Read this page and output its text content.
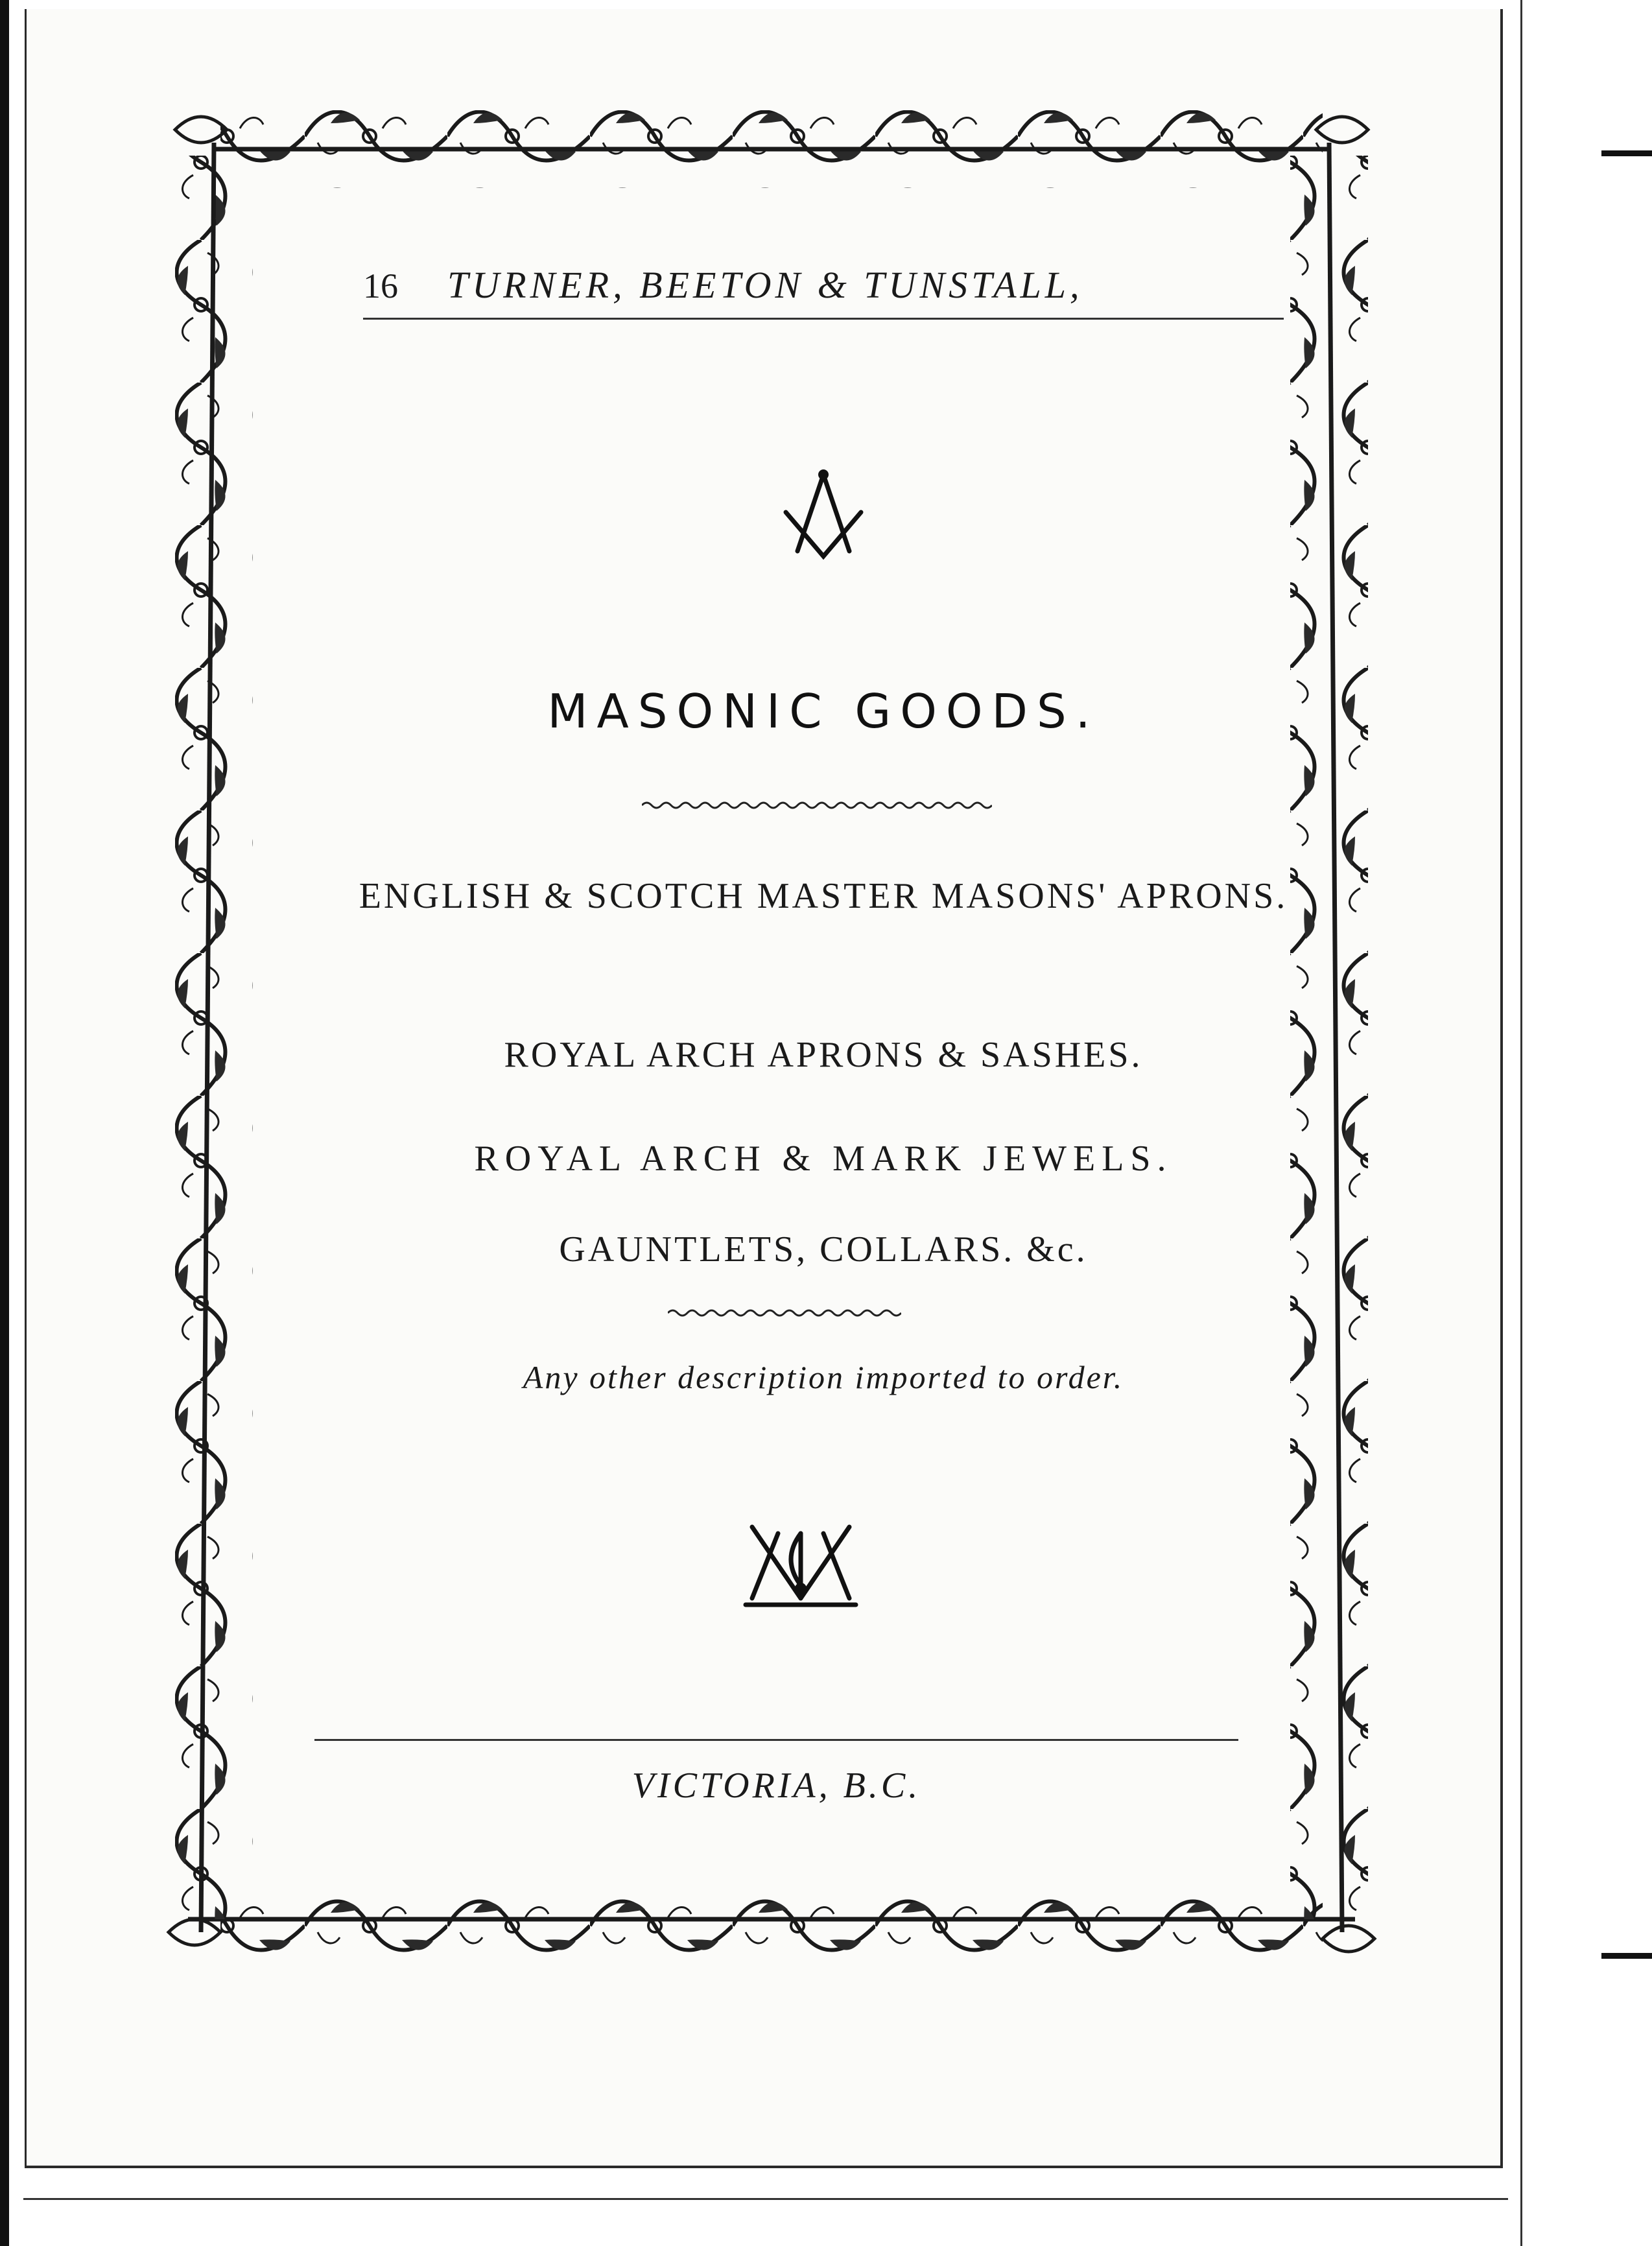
16 TURNER, BEETON & TUNSTALL,
MASONIC GOODS.
ENGLISH & SCOTCH MASTER MASONS' APRONS.
ROYAL ARCH APRONS & SASHES.
ROYAL ARCH & MARK JEWELS.
GAUNTLETS, COLLARS. &c.
Any other description imported to order.
VICTORIA, B.C.
